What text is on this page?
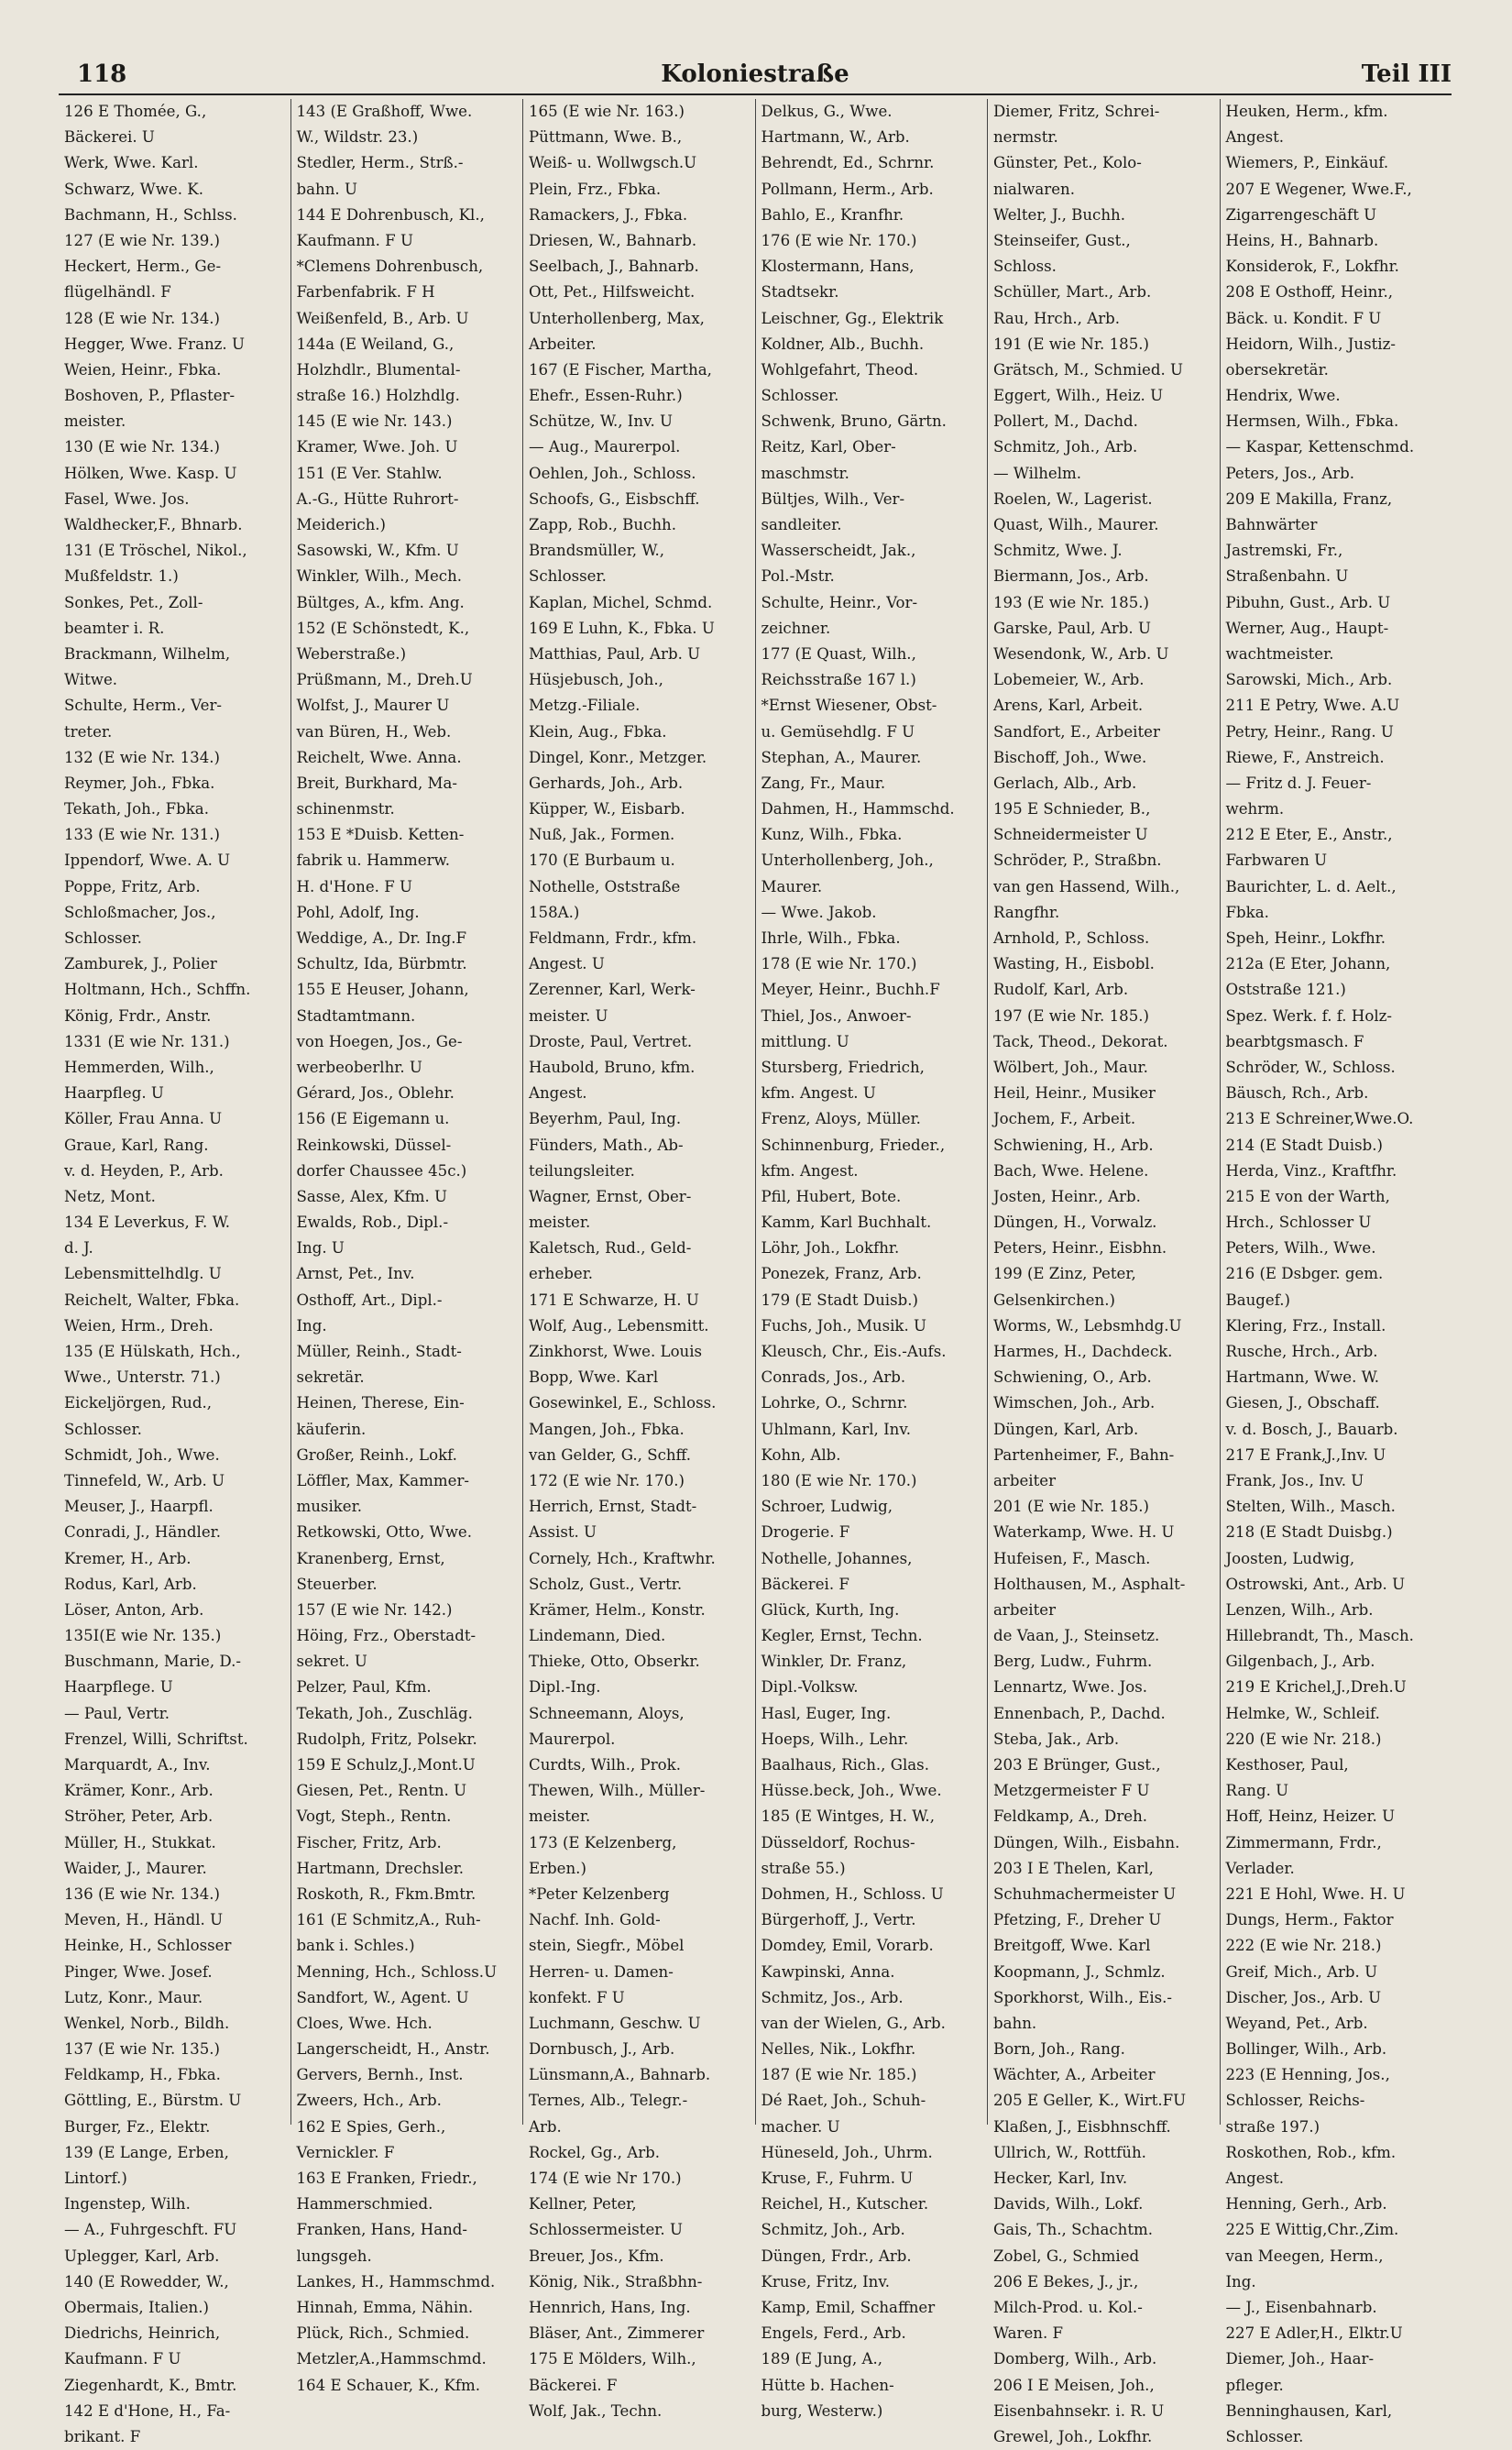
Koloniestraße
118	Teil III
126 E Thomée, G.,
Bäckerei. U
Werk, Wwe. Karl.
Schwarz, Wwe. K.
Bachmann, H., Schlss.
127 (E wie Nr. 139.)
Heckert, Herm., Ge-
flügelhändl. F
128 (E wie Nr. 134.)
Hegger, Wwe. Franz. U
Weien, Heinr., Fbka.
Boshoven, P., Pflaster-
meister.
130 (E wie Nr. 134.)
Hölken, Wwe. Kasp. U
Fasel, Wwe. Jos.
Waldhecker,F., Bhnarb.
131 (E Tröschel, Nikol.,
Mußfeldstr. 1.)
Sonkes, Pet., Zoll-
beamter i. R.
Brackmann, Wilhelm,
Witwe.
Schulte, Herm., Ver-
treter.
132 (E wie Nr. 134.)
Reymer, Joh., Fbka.
Tekath, Joh., Fbka.
133 (E wie Nr. 131.)
Ippendorf, Wwe. A. U
Poppe, Fritz, Arb.
Schloßmacher, Jos.,
Schlosser.
Zamburek, J., Polier
Holtmann, Hch., Schffn.
König, Frdr., Anstr.
1331 (E wie Nr. 131.)
Hemmerden, Wilh.,
Haarpfleg. U
Köller, Frau Anna. U
Graue, Karl, Rang.
v. d. Heyden, P., Arb.
Netz, Mont.
134 E Leverkus, F. W.
d. J.
Lebensmittelhdlg. U
Reichelt, Walter, Fbka.
Weien, Hrm., Dreh.
135 (E Hülskath, Hch.,
Wwe., Unterstr. 71.)
Eickeljörgen, Rud.,
Schlosser.
Schmidt, Joh., Wwe.
Tinnefeld, W., Arb. U
Meuser, J., Haarpfl.
Conradi, J., Händler.
Kremer, H., Arb.
Rodus, Karl, Arb.
Löser, Anton, Arb.
135I(E wie Nr. 135.)
Buschmann, Marie, D.-
Haarpflege. U
— Paul, Vertr.
Frenzel, Willi, Schriftst.
Marquardt, A., Inv.
Krämer, Konr., Arb.
Ströher, Peter, Arb.
Müller, H., Stukkat.
Waider, J., Maurer.
136 (E wie Nr. 134.)
Meven, H., Händl. U
Heinke, H., Schlosser
Pinger, Wwe. Josef.
Lutz, Konr., Maur.
Wenkel, Norb., Bildh.
137 (E wie Nr. 135.)
Feldkamp, H., Fbka.
Göttling, E., Bürstm. U
Burger, Fz., Elektr.
139 (E Lange, Erben,
Lintorf.)
Ingenstep, Wilh.
— A., Fuhrgeschft. FU
Uplegger, Karl, Arb.
140 (E Rowedder, W.,
Obermais, Italien.)
Diedrichs, Heinrich,
Kaufmann. F U
Ziegenhardt, K., Bmtr.
142 E d'Hone, H., Fa-
brikant. F
143 (E Graßhoff, Wwe.
W., Wildstr. 23.)
Stedler, Herm., Strß.-
bahn. U
144 E Dohrenbusch, Kl.,
Kaufmann. F U
*Clemens Dohrenbusch,
Farbenfabrik. F H
Weißenfeld, B., Arb. U
144a (E Weiland, G.,
Holzhdlr., Blumental-
straße 16.) Holzhdlg.
145 (E wie Nr. 143.)
Kramer, Wwe. Joh. U
151 (E Ver. Stahlw.
A.-G., Hütte Ruhrort-
Meiderich.)
Sasowski, W., Kfm. U
Winkler, Wilh., Mech.
Bültges, A., kfm. Ang.
152 (E Schönstedt, K.,
Weberstraße.)
Prüßmann, M., Dreh.U
Wolfst, J., Maurer U
van Büren, H., Web.
Reichelt, Wwe. Anna.
Breit, Burkhard, Ma-
schinenmstr.
153 E *Duisb. Ketten-
fabrik u. Hammerw.
H. d'Hone. F U
Pohl, Adolf, Ing.
Weddige, A., Dr. Ing.F
Schultz, Ida, Bürbmtr.
155 E Heuser, Johann,
Stadtamtmann.
von Hoegen, Jos., Ge-
werbeoberlhr. U
Gérard, Jos., Oblehr.
156 (E Eigemann u.
Reinkowski, Düssel-
dorfer Chaussee 45c.)
Sasse, Alex, Kfm. U
Ewalds, Rob., Dipl.-
Ing. U
Arnst, Pet., Inv.
Osthoff, Art., Dipl.-
Ing.
Müller, Reinh., Stadt-
sekretär.
Heinen, Therese, Ein-
käuferin.
Großer, Reinh., Lokf.
Löffler, Max, Kammer-
musiker.
Retkowski, Otto, Wwe.
Kranenberg, Ernst,
Steuerber.
157 (E wie Nr. 142.)
Höing, Frz., Oberstadt-
sekret. U
Pelzer, Paul, Kfm.
Tekath, Joh., Zuschläg.
Rudolph, Fritz, Polsekr.
159 E Schulz,J.,Mont.U
Giesen, Pet., Rentn. U
Vogt, Steph., Rentn.
Fischer, Fritz, Arb.
Hartmann, Drechsler.
Roskoth, R., Fkm.Bmtr.
161 (E Schmitz,A., Ruh-
bank i. Schles.)
Menning, Hch., Schloss.U
Sandfort, W., Agent. U
Cloes, Wwe. Hch.
Langerscheidt, H., Anstr.
Gervers, Bernh., Inst.
Zweers, Hch., Arb.
162 E Spies, Gerh.,
Vernickler. F
163 E Franken, Friedr.,
Hammerschmied.
Franken, Hans, Hand-
lungsgeh.
Lankes, H., Hammschmd.
Hinnah, Emma, Nähin.
Plück, Rich., Schmied.
Metzler,A.,Hammschmd.
164 E Schauer, K., Kfm.
165 (E wie Nr. 163.)
Püttmann, Wwe. B.,
Weiß- u. Wollwgsch.U
Plein, Frz., Fbka.
Ramackers, J., Fbka.
Driesen, W., Bahnarb.
Seelbach, J., Bahnarb.
Ott, Pet., Hilfsweicht.
Unterhollenberg, Max,
Arbeiter.
167 (E Fischer, Martha,
Ehefr., Essen-Ruhr.)
Schütze, W., Inv. U
— Aug., Maurerpol.
Oehlen, Joh., Schloss.
Schoofs, G., Eisbschff.
Zapp, Rob., Buchh.
Brandsmüller, W.,
Schlosser.
Kaplan, Michel, Schmd.
169 E Luhn, K., Fbka. U
Matthias, Paul, Arb. U
Hüsjebusch, Joh.,
Metzg.-Filiale.
Klein, Aug., Fbka.
Dingel, Konr., Metzger.
Gerhards, Joh., Arb.
Küpper, W., Eisbarb.
Nuß, Jak., Formen.
170 (E Burbaum u.
Nothelle, Oststraße
158A.)
Feldmann, Frdr., kfm.
Angest. U
Zerenner, Karl, Werk-
meister. U
Droste, Paul, Vertret.
Haubold, Bruno, kfm.
Angest.
Beyerhm, Paul, Ing.
Fünders, Math., Ab-
teilungsleiter.
Wagner, Ernst, Ober-
meister.
Kaletsch, Rud., Geld-
erheber.
171 E Schwarze, H. U
Wolf, Aug., Lebensmitt.
Zinkhorst, Wwe. Louis
Bopp, Wwe. Karl
Gosewinkel, E., Schloss.
Mangen, Joh., Fbka.
van Gelder, G., Schff.
172 (E wie Nr. 170.)
Herrich, Ernst, Stadt-
Assist. U
Cornely, Hch., Kraftwhr.
Scholz, Gust., Vertr.
Krämer, Helm., Konstr.
Lindemann, Died.
Thieke, Otto, Obserkr.
Dipl.-Ing.
Schneemann, Aloys,
Maurerpol.
Curdts, Wilh., Prok.
Thewen, Wilh., Müller-
meister.
173 (E Kelzenberg,
Erben.)
*Peter Kelzenberg
Nachf. Inh. Gold-
stein, Siegfr., Möbel
Herren- u. Damen-
konfekt. F U
Luchmann, Geschw. U
Dornbusch, J., Arb.
Lünsmann,A., Bahnarb.
Ternes, Alb., Telegr.-
Arb.
Rockel, Gg., Arb.
174 (E wie Nr 170.)
Kellner, Peter,
Schlossermeister. U
Breuer, Jos., Kfm.
König, Nik., Straßbhn-
Hennrich, Hans, Ing.
Bläser, Ant., Zimmerer
175 E Mölders, Wilh.,
Bäckerei. F
Wolf, Jak., Techn.
Delkus, G., Wwe.
Hartmann, W., Arb.
Behrendt, Ed., Schrnr.
Pollmann, Herm., Arb.
Bahlo, E., Kranfhr.
176 (E wie Nr. 170.)
Klostermann, Hans,
Stadtsekr.
Leischner, Gg., Elektrik
Koldner, Alb., Buchh.
Wohlgefahrt, Theod.
Schlosser.
Schwenk, Bruno, Gärtn.
Reitz, Karl, Ober-
maschmstr.
Bültjes, Wilh., Ver-
sandleiter.
Wasserscheidt, Jak.,
Pol.-Mstr.
Schulte, Heinr., Vor-
zeichner.
177 (E Quast, Wilh.,
Reichsstraße 167 l.)
*Ernst Wiesener, Obst-
u. Gemüsehdlg. F U
Stephan, A., Maurer.
Zang, Fr., Maur.
Dahmen, H., Hammschd.
Kunz, Wilh., Fbka.
Unterhollenberg, Joh.,
Maurer.
— Wwe. Jakob.
Ihrle, Wilh., Fbka.
178 (E wie Nr. 170.)
Meyer, Heinr., Buchh.F
Thiel, Jos., Anwoer-
mittlung. U
Stursberg, Friedrich,
kfm. Angest. U
Frenz, Aloys, Müller.
Schinnenburg, Frieder.,
kfm. Angest.
Pfil, Hubert, Bote.
Kamm, Karl Buchhalt.
Löhr, Joh., Lokfhr.
Ponezek, Franz, Arb.
179 (E Stadt Duisb.)
Fuchs, Joh., Musik. U
Kleusch, Chr., Eis.-Aufs.
Conrads, Jos., Arb.
Lohrke, O., Schrnr.
Uhlmann, Karl, Inv.
Kohn, Alb.
180 (E wie Nr. 170.)
Schroer, Ludwig,
Drogerie. F
Nothelle, Johannes,
Bäckerei. F
Glück, Kurth, Ing.
Kegler, Ernst, Techn.
Winkler, Dr. Franz,
Dipl.-Volksw.
Hasl, Euger, Ing.
Hoeps, Wilh., Lehr.
Baalhaus, Rich., Glas.
Hüsse.beck, Joh., Wwe.
185 (E Wintges, H. W.,
Düsseldorf, Rochus-
straße 55.)
Dohmen, H., Schloss. U
Bürgerhoff, J., Vertr.
Domdey, Emil, Vorarb.
Kawpinski, Anna.
Schmitz, Jos., Arb.
van der Wielen, G., Arb.
Nelles, Nik., Lokfhr.
187 (E wie Nr. 185.)
Dé Raet, Joh., Schuh-
macher. U
Hüneseld, Joh., Uhrm.
Kruse, F., Fuhrm. U
Reichel, H., Kutscher.
Schmitz, Joh., Arb.
Düngen, Frdr., Arb.
Kruse, Fritz, Inv.
Kamp, Emil, Schaffner
Engels, Ferd., Arb.
189 (E Jung, A.,
Hütte b. Hachen-
burg, Westerw.)
Diemer, Fritz, Schrei-
nermstr.
Günster, Pet., Kolo-
nialwaren.
Welter, J., Buchh.
Steinseifer, Gust.,
Schloss.
Schüller, Mart., Arb.
Rau, Hrch., Arb.
191 (E wie Nr. 185.)
Grätsch, M., Schmied. U
Eggert, Wilh., Heiz. U
Pollert, M., Dachd.
Schmitz, Joh., Arb.
— Wilhelm.
Roelen, W., Lagerist.
Quast, Wilh., Maurer.
Schmitz, Wwe. J.
Biermann, Jos., Arb.
193 (E wie Nr. 185.)
Garske, Paul, Arb. U
Wesendonk, W., Arb. U
Lobemeier, W., Arb.
Arens, Karl, Arbeit.
Sandfort, E., Arbeiter
Bischoff, Joh., Wwe.
Gerlach, Alb., Arb.
195 E Schnieder, B.,
Schneidermeister U
Schröder, P., Straßbn.
van gen Hassend, Wilh.,
Rangfhr.
Arnhold, P., Schloss.
Wasting, H., Eisbobl.
Rudolf, Karl, Arb.
197 (E wie Nr. 185.)
Tack, Theod., Dekorat.
Wölbert, Joh., Maur.
Heil, Heinr., Musiker
Jochem, F., Arbeit.
Schwiening, H., Arb.
Bach, Wwe. Helene.
Josten, Heinr., Arb.
Düngen, H., Vorwalz.
Peters, Heinr., Eisbhn.
199 (E Zinz, Peter,
Gelsenkirchen.)
Worms, W., Lebsmhdg.U
Harmes, H., Dachdeck.
Schwiening, O., Arb.
Wimschen, Joh., Arb.
Düngen, Karl, Arb.
Partenheimer, F., Bahn-
arbeiter
201 (E wie Nr. 185.)
Waterkamp, Wwe. H. U
Hufeisen, F., Masch.
Holthausen, M., Asphalt-
arbeiter
de Vaan, J., Steinsetz.
Berg, Ludw., Fuhrm.
Lennartz, Wwe. Jos.
Ennenbach, P., Dachd.
Steba, Jak., Arb.
203 E Brünger, Gust.,
Metzgermeister F U
Feldkamp, A., Dreh.
Düngen, Wilh., Eisbahn.
203 I E Thelen, Karl,
Schuhmachermeister U
Pfetzing, F., Dreher U
Breitgoff, Wwe. Karl
Koopmann, J., Schmlz.
Sporkhorst, Wilh., Eis.-
bahn.
Born, Joh., Rang.
Wächter, A., Arbeiter
205 E Geller, K., Wirt.FU
Klaßen, J., Eisbhnschff.
Ullrich, W., Rottfüh.
Hecker, Karl, Inv.
Davids, Wilh., Lokf.
Gais, Th., Schachtm.
Zobel, G., Schmied
206 E Bekes, J., jr.,
Milch-Prod. u. Kol.-
Waren. F
Domberg, Wilh., Arb.
206 I E Meisen, Joh.,
Eisenbahnsekr. i. R. U
Grewel, Joh., Lokfhr.
Heuken, Herm., kfm.
Angest.
Wiemers, P., Einkäuf.
207 E Wegener, Wwe.F.,
Zigarrengeschäft U
Heins, H., Bahnarb.
Konsiderok, F., Lokfhr.
208 E Osthoff, Heinr.,
Bäck. u. Kondit. F U
Heidorn, Wilh., Justiz-
obersekretär.
Hendrix, Wwe.
Hermsen, Wilh., Fbka.
— Kaspar, Kettenschmd.
Peters, Jos., Arb.
209 E Makilla, Franz,
Bahnwärter
Jastremski, Fr.,
Straßenbahn. U
Pibuhn, Gust., Arb. U
Werner, Aug., Haupt-
wachtmeister.
Sarowski, Mich., Arb.
211 E Petry, Wwe. A.U
Petry, Heinr., Rang. U
Riewe, F., Anstreich.
— Fritz d. J. Feuer-
wehrm.
212 E Eter, E., Anstr.,
Farbwaren U
Baurichter, L. d. Aelt.,
Fbka.
Speh, Heinr., Lokfhr.
212a (E Eter, Johann,
Oststraße 121.)
Spez. Werk. f. f. Holz-
bearbtgsmasch. F
Schröder, W., Schloss.
Bäusch, Rch., Arb.
213 E Schreiner,Wwe.O.
214 (E Stadt Duisb.)
Herda, Vinz., Kraftfhr.
215 E von der Warth,
Hrch., Schlosser U
Peters, Wilh., Wwe.
216 (E Dsbger. gem.
Baugef.)
Klering, Frz., Install.
Rusche, Hrch., Arb.
Hartmann, Wwe. W.
Giesen, J., Obschaff.
v. d. Bosch, J., Bauarb.
217 E Frank,J.,Inv. U
Frank, Jos., Inv. U
Stelten, Wilh., Masch.
218 (E Stadt Duisbg.)
Joosten, Ludwig,
Ostrowski, Ant., Arb. U
Lenzen, Wilh., Arb.
Hillebrandt, Th., Masch.
Gilgenbach, J., Arb.
219 E Krichel,J.,Dreh.U
Helmke, W., Schleif.
220 (E wie Nr. 218.)
Kesthoser, Paul,
Rang. U
Hoff, Heinz, Heizer. U
Zimmermann, Frdr.,
Verlader.
221 E Hohl, Wwe. H. U
Dungs, Herm., Faktor
222 (E wie Nr. 218.)
Greif, Mich., Arb. U
Discher, Jos., Arb. U
Weyand, Pet., Arb.
Bollinger, Wilh., Arb.
223 (E Henning, Jos.,
Schlosser, Reichs-
straße 197.)
Roskothen, Rob., kfm.
Angest.
Henning, Gerh., Arb.
225 E Wittig,Chr.,Zim.
van Meegen, Herm.,
Ing.
— J., Eisenbahnarb.
227 E Adler,H., Elktr.U
Diemer, Joh., Haar-
pfleger.
Benninghausen, Karl,
Schlosser.
